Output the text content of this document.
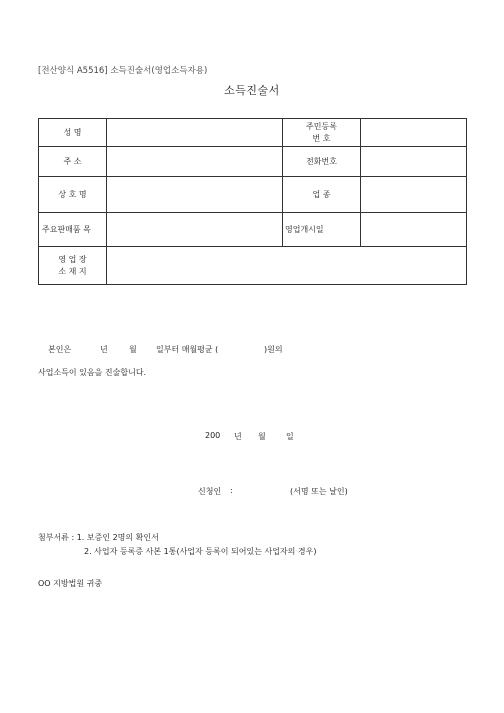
[전산양식 A5516] 소득진술서(영업소득자용)
소득진술서
성 명		주민등록
번 호	

주 소		전화번호	
상 호 명		업 종	
주요판매품 목		영업개시일	

영 업 장
소 재 지			

본인은	년	월 일부터 매월평균 (	)원의
사업소득이 있음을 진술합니다.
200 년 월	일
신청인 :	(서명 또는 날인)
첨부서류 : 1. 보증인 2명의 확인서
2. 사업자 등록증 사본 1통(사업자 등록이 되어있는 사업자의 경우)
OO 지방법원 귀중
